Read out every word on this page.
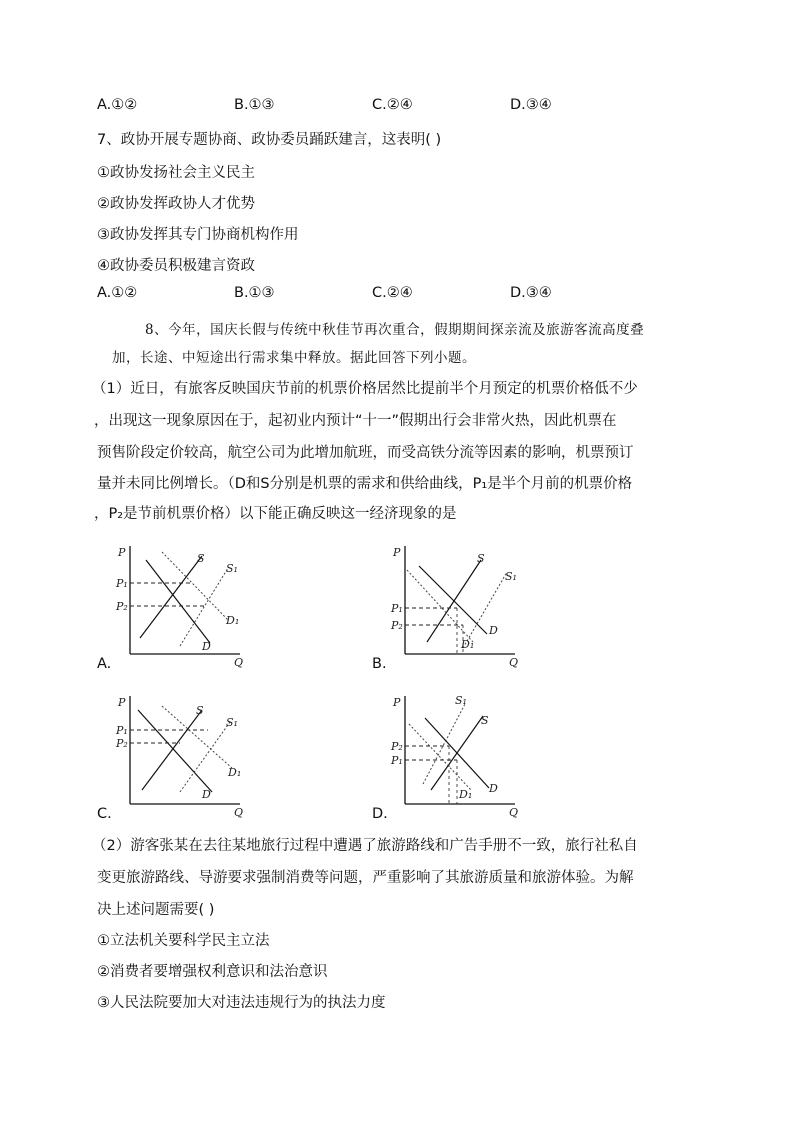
A.①②	B.①③	C.②④	D.③④
7、政协开展专题协商、政协委员踊跃建言，这表明( )
①政协发扬社会主义民主
②政协发挥政协人才优势
③政协发挥其专门协商机构作用
④政协委员积极建言资政
A.①②	B.①③	C.②④	D.③④
8、今年，国庆长假与传统中秋佳节再次重合，假期期间探亲流及旅游客流高度叠
加，长途、中短途出行需求集中释放。据此回答下列小题。
（1）近日，有旅客反映国庆节前的机票价格居然比提前半个月预定的机票价格低不少
，出现这一现象原因在于，起初业内预计“十一”假期出行会非常火热，因此机票在
预售阶段定价较高，航空公司为此增加航班，而受高铁分流等因素的影响，机票预订
量并未同比例增长。（D和S分别是机票的需求和供给曲线，P₁是半个月前的机票价格
，P₂是节前机票价格）以下能正确反映这一经济现象的是
P
Q
S
S₁
D
D₁
P₁
P₂
A.
P
Q
S
S₁
D
D₁
P₁
P₂
B.
P
Q
S
S₁
D
D₁
P₁
P₂
C.
P
Q
S
S₁
D
D₁
P₂
P₁
D.
（2）游客张某在去往某地旅行过程中遭遇了旅游路线和广告手册不一致，旅行社私自
变更旅游路线、导游要求强制消费等问题，严重影响了其旅游质量和旅游体验。为解
决上述问题需要( )
①立法机关要科学民主立法
②消费者要增强权利意识和法治意识
③人民法院要加大对违法违规行为的执法力度
